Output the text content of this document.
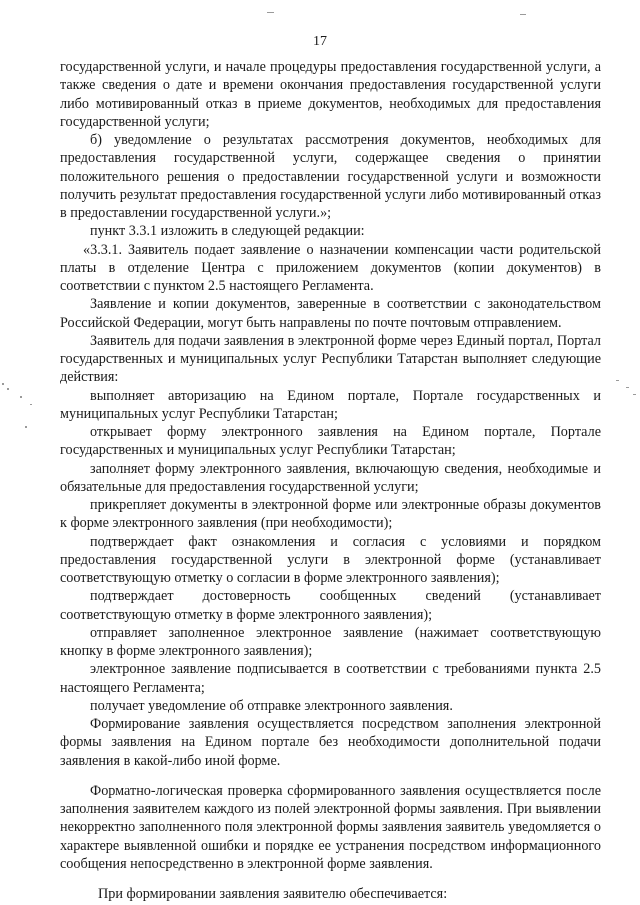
17

государственной услуги, и начале процедуры предоставления государственной услуги, а также сведения о дате и времени окончания предоставления государственной услуги либо мотивированный отказ в приеме документов, необходимых для предоставления государственной услуги;

б) уведомление о результатах рассмотрения документов, необходимых для предоставления государственной услуги, содержащее сведения о принятии положительного решения о предоставлении государственной услуги и возможности получить результат предоставления государственной услуги либо мотивированный отказ в предоставлении государственной услуги.»;

пункт 3.3.1 изложить в следующей редакции:

«3.3.1. Заявитель подает заявление о назначении компенсации части родительской платы в отделение Центра с приложением документов (копии документов) в соответствии с пунктом 2.5 настоящего Регламента.

Заявление и копии документов, заверенные в соответствии с законодательством Российской Федерации, могут быть направлены по почте почтовым отправлением.

Заявитель для подачи заявления в электронной форме через Единый портал, Портал государственных и муниципальных услуг Республики Татарстан выполняет следующие действия:

выполняет авторизацию на Едином портале, Портале государственных и муниципальных услуг Республики Татарстан;

открывает форму электронного заявления на Едином портале, Портале государственных и муниципальных услуг Республики Татарстан;

заполняет форму электронного заявления, включающую сведения, необходимые и обязательные для предоставления государственной услуги;

прикрепляет документы в электронной форме или электронные образы документов к форме электронного заявления (при необходимости);

подтверждает факт ознакомления и согласия с условиями и порядком предоставления государственной услуги в электронной форме (устанавливает соответствующую отметку о согласии в форме электронного заявления);

подтверждает достоверность сообщенных сведений (устанавливает соответствующую отметку в форме электронного заявления);

отправляет заполненное электронное заявление (нажимает соответствующую кнопку в форме электронного заявления);

электронное заявление подписывается в соответствии с требованиями пункта 2.5 настоящего Регламента;

получает уведомление об отправке электронного заявления.

Формирование заявления осуществляется посредством заполнения электронной формы заявления на Едином портале без необходимости дополнительной подачи заявления в какой-либо иной форме.

Форматно-логическая проверка сформированного заявления осуществляется после заполнения заявителем каждого из полей электронной формы заявления. При выявлении некорректно заполненного поля электронной формы заявления заявитель уведомляется о характере выявленной ошибки и порядке ее устранения посредством информационного сообщения непосредственно в электронной форме заявления.

При формировании заявления заявителю обеспечивается:
